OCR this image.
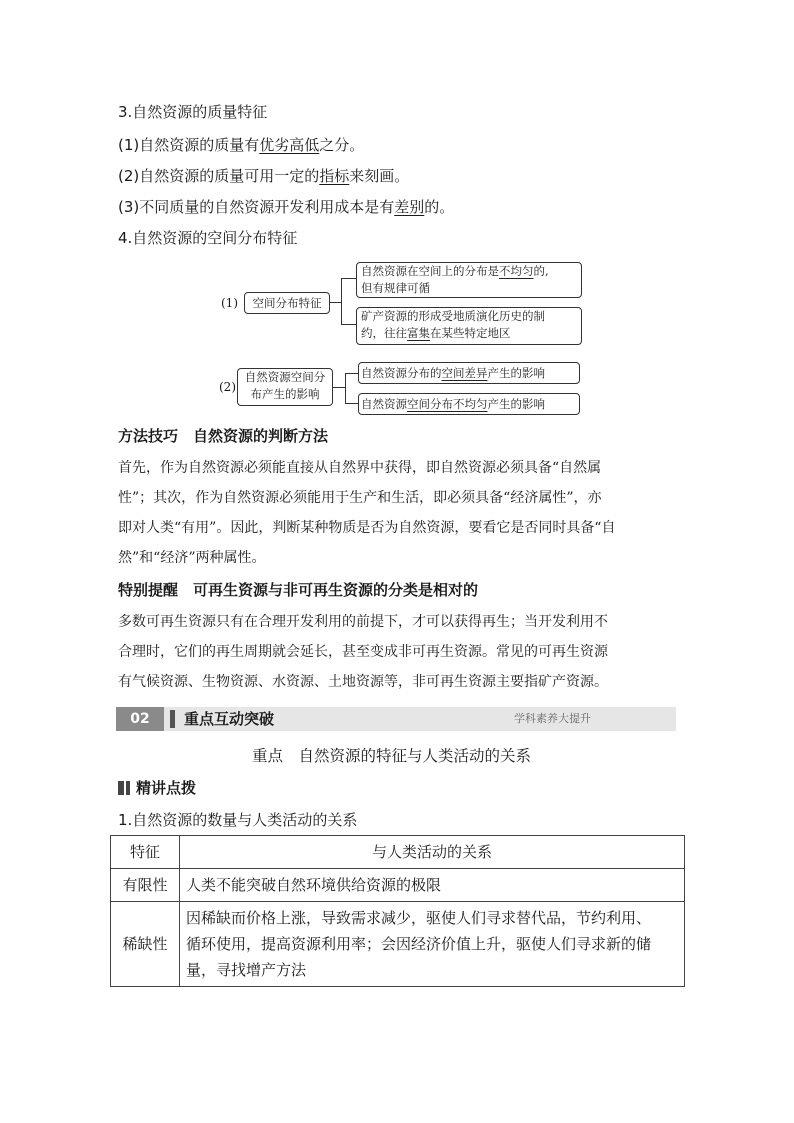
3.自然资源的质量特征
(1)自然资源的质量有优劣高低之分。
(2)自然资源的质量可用一定的指标来刻画。
(3)不同质量的自然资源开发利用成本是有差别的。
4.自然资源的空间分布特征
(1)	空间分布特征
自然资源在空间上的分布是不均匀的,
但有规律可循
矿产资源的形成受地质演化历史的制
约，往往富集在某些特定地区
(2)
自然资源空间分
布产生的影响
自然资源分布的空间差异产生的影响
自然资源空间分布不均匀产生的影响
方法技巧　自然资源的判断方法
首先，作为自然资源必须能直接从自然界中获得，即自然资源必须具备“自然属
性”；其次，作为自然资源必须能用于生产和生活，即必须具备“经济属性”，亦
即对人类“有用”。因此，判断某种物质是否为自然资源，要看它是否同时具备“自
然”和“经济”两种属性。
特别提醒　可再生资源与非可再生资源的分类是相对的
多数可再生资源只有在合理开发利用的前提下，才可以获得再生；当开发利用不
合理时，它们的再生周期就会延长，甚至变成非可再生资源。常见的可再生资源
有气候资源、生物资源、水资源、土地资源等，非可再生资源主要指矿产资源。
02	重点互动突破	学科素养大提升
重点　自然资源的特征与人类活动的关系
精讲点拨
1.自然资源的数量与人类活动的关系
特征	与人类活动的关系
有限性	人类不能突破自然环境供给资源的极限

稀缺性	因稀缺而价格上涨，导致需求减少，驱使人们寻求替代品，节约利用、
循环使用，提高资源利用率；会因经济价值上升，驱使人们寻求新的储
量，寻找增产方法
